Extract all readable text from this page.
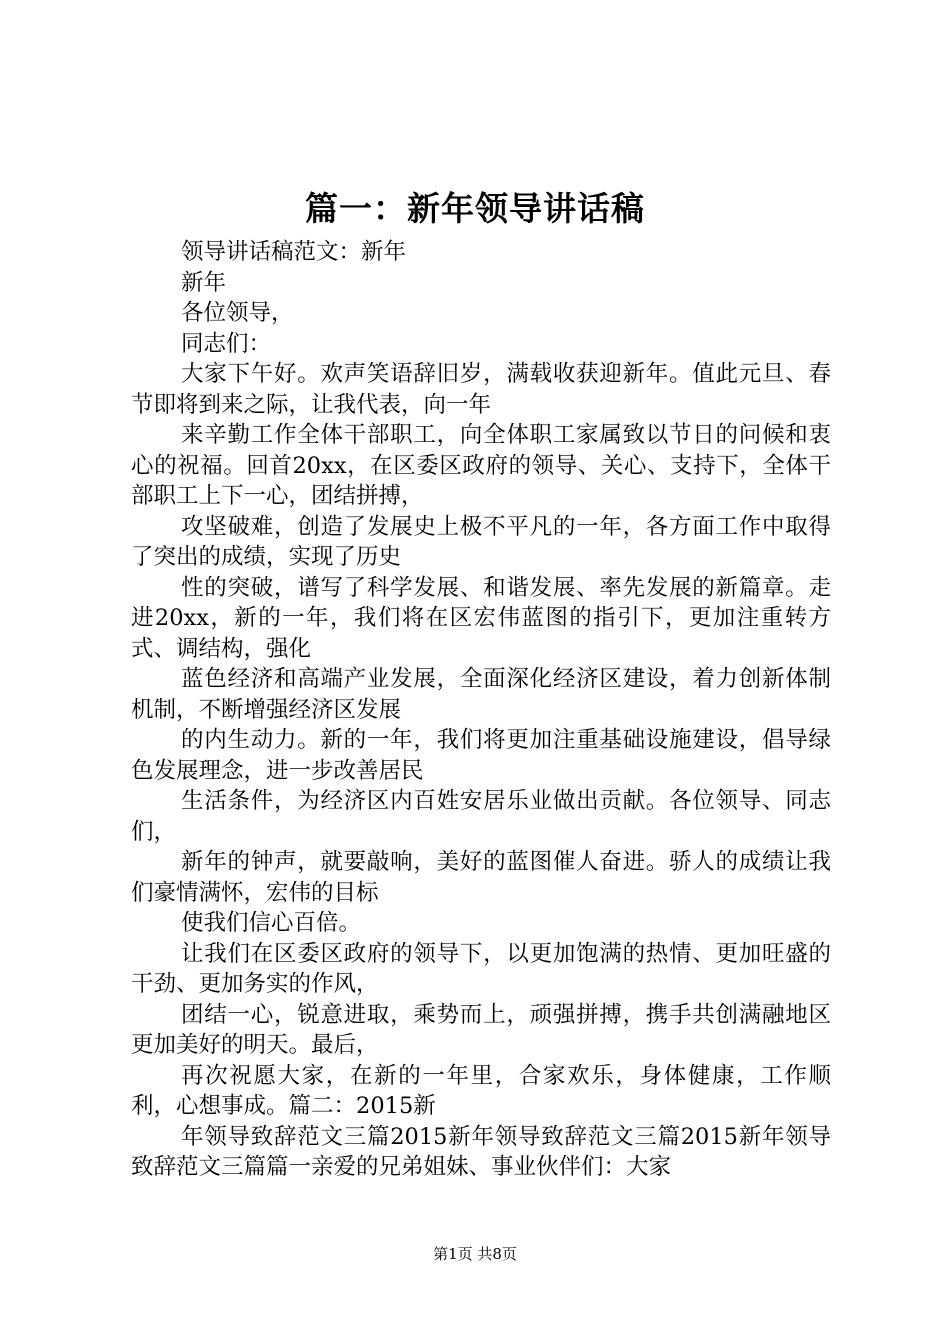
篇一：新年领导讲话稿

领导讲话稿范文：新年

新年

各位领导，

同志们：

大家下午好。欢声笑语辞旧岁，满载收获迎新年。值此元旦、春节即将到来之际，让我代表，向一年

来辛勤工作全体干部职工，向全体职工家属致以节日的问候和衷心的祝福。回首20xx，在区委区政府的领导、关心、支持下，全体干部职工上下一心，团结拼搏，

攻坚破难，创造了发展史上极不平凡的一年，各方面工作中取得了突出的成绩，实现了历史

性的突破，谱写了科学发展、和谐发展、率先发展的新篇章。走进20xx，新的一年，我们将在区宏伟蓝图的指引下，更加注重转方式、调结构，强化

蓝色经济和高端产业发展，全面深化经济区建设，着力创新体制机制，不断增强经济区发展

的内生动力。新的一年，我们将更加注重基础设施建设，倡导绿色发展理念，进一步改善居民

生活条件，为经济区内百姓安居乐业做出贡献。各位领导、同志们，

新年的钟声，就要敲响，美好的蓝图催人奋进。骄人的成绩让我们豪情满怀，宏伟的目标

使我们信心百倍。

让我们在区委区政府的领导下，以更加饱满的热情、更加旺盛的干劲、更加务实的作风，

团结一心，锐意进取，乘势而上，顽强拼搏，携手共创满融地区更加美好的明天。最后，

再次祝愿大家，在新的一年里，合家欢乐，身体健康，工作顺利，心想事成。篇二：2015新

年领导致辞范文三篇2015新年领导致辞范文三篇2015新年领导致辞范文三篇篇一亲爱的兄弟姐妹、事业伙伴们：大家

第1页 共8页
